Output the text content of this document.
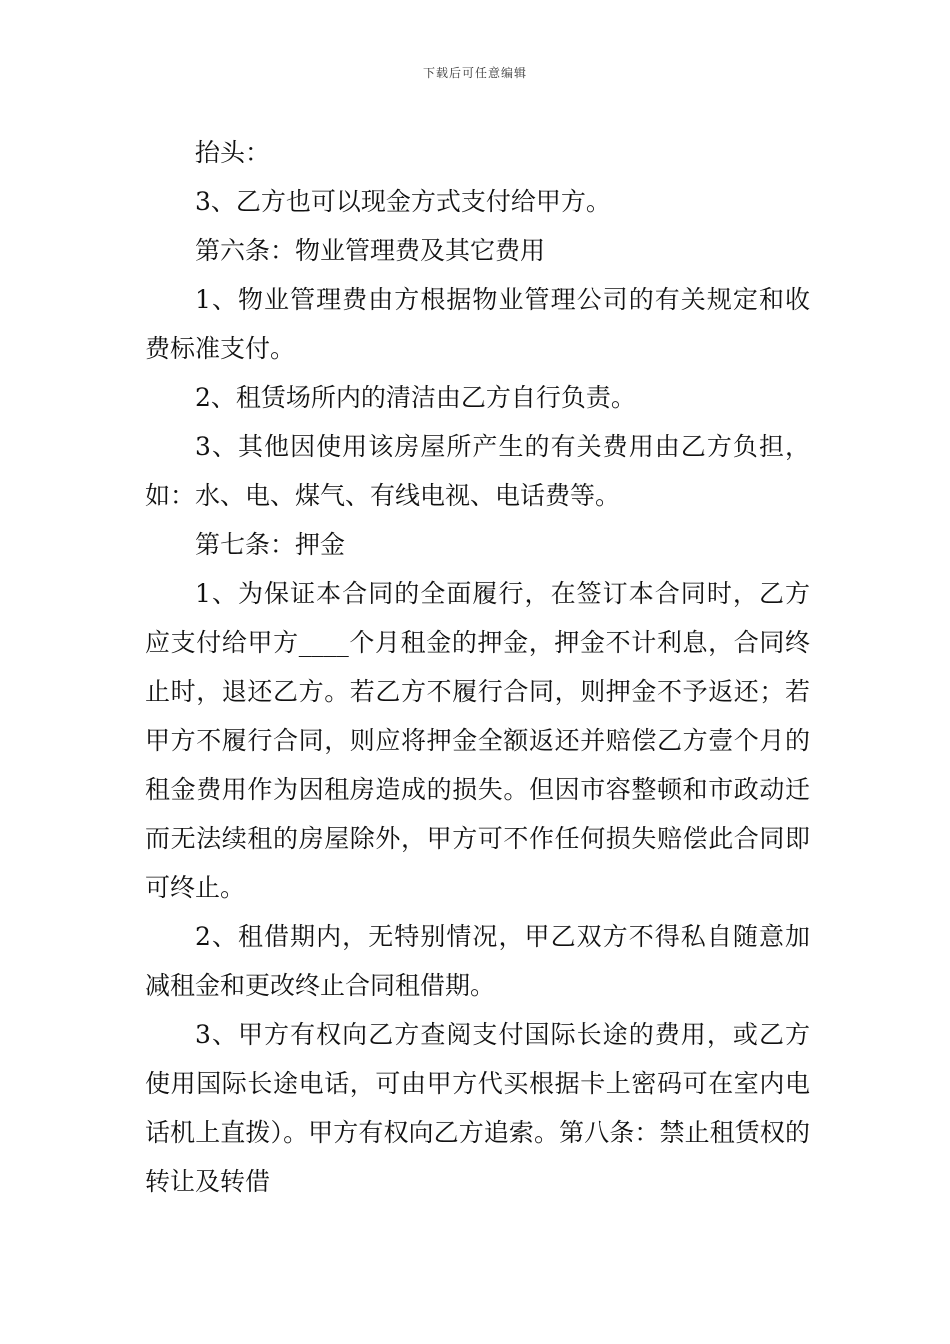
下载后可任意编辑

抬头：

3、乙方也可以现金方式支付给甲方。

第六条：物业管理费及其它费用

1、物业管理费由方根据物业管理公司的有关规定和收费标准支付。

2、租赁场所内的清洁由乙方自行负责。

3、其他因使用该房屋所产生的有关费用由乙方负担，如：水、电、煤气、有线电视、电话费等。

第七条：押金

1、为保证本合同的全面履行，在签订本合同时，乙方应支付给甲方____个月租金的押金，押金不计利息，合同终止时，退还乙方。若乙方不履行合同，则押金不予返还；若甲方不履行合同，则应将押金全额返还并赔偿乙方壹个月的租金费用作为因租房造成的损失。但因市容整顿和市政动迁而无法续租的房屋除外，甲方可不作任何损失赔偿此合同即可终止。

2、租借期内，无特别情况，甲乙双方不得私自随意加减租金和更改终止合同租借期。

3、甲方有权向乙方查阅支付国际长途的费用，或乙方使用国际长途电话，可由甲方代买根据卡上密码可在室内电话机上直拨）。甲方有权向乙方追索。第八条：禁止租赁权的转让及转借
